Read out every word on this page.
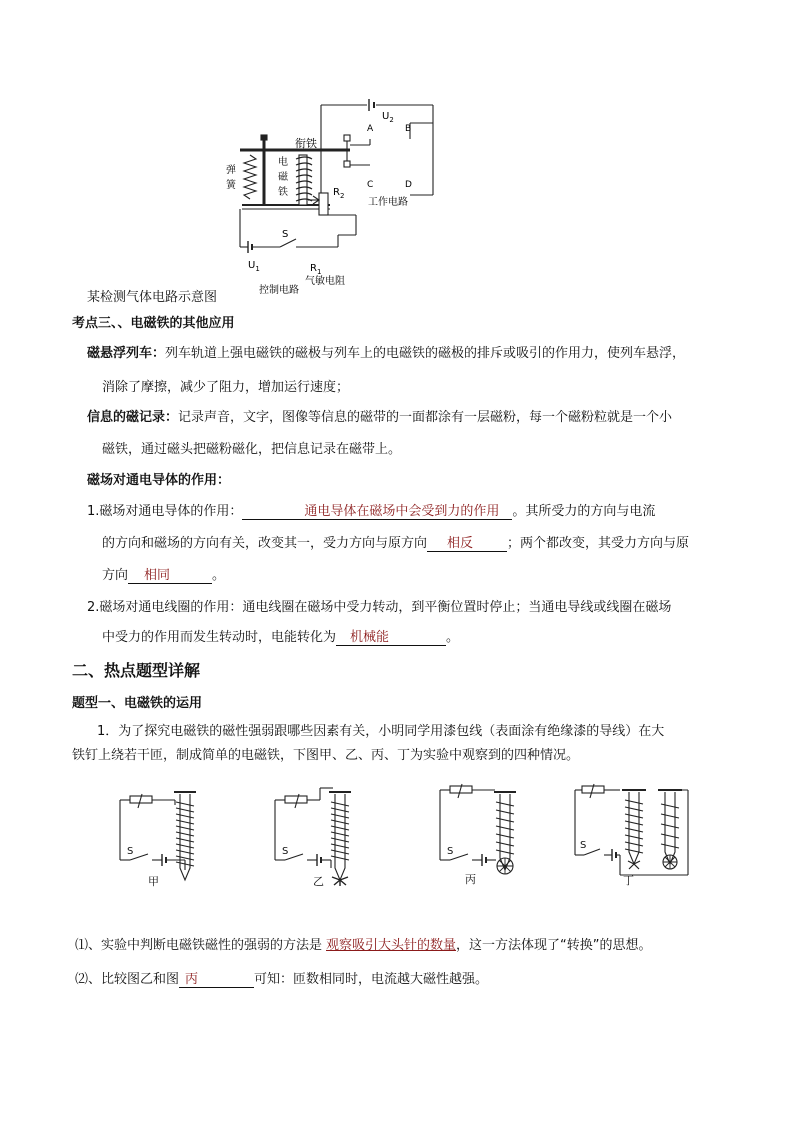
衔铁
弹
簧
电
磁
铁
$U_2$
A	B
C	D
$R_2$
工作电路
S
$U_1$	$R_1$
控制电路
气敏电阻
某检测气体电路示意图
考点三、、电磁铁的其他应用
磁悬浮列车：列车轨道上强电磁铁的磁极与列车上的电磁铁的磁极的排斥或吸引的作用力，使列车悬浮，
消除了摩擦，减少了阻力，增加运行速度；
信息的磁记录：记录声音，文字，图像等信息的磁带的一面都涂有一层磁粉，每一个磁粉粒就是一个小
磁铁，通过磁头把磁粉磁化，把信息记录在磁带上。
磁场对通电导体的作用：
1.磁场对通电导体的作用：	通电导体在磁场中会受到力的作用 。其所受力的方向与电流
的方向和磁场的方向有关，改变其一，受力方向与原方向 相反	；两个都改变，其受力方向与原
方向 相同	。
2.磁场对通电线圈的作用：通电线圈在磁场中受力转动，到平衡位置时停止；当通电导线或线圈在磁场
中受力的作用而发生转动时，电能转化为 机械能	。
二、热点题型详解
题型一、电磁铁的运用
1．为了探究电磁铁的磁性强弱跟哪些因素有关，小明同学用漆包线（表面涂有绝缘漆的导线）在大
铁钉上绕若干匝，制成简单的电磁铁，下图甲、乙、丙、丁为实验中观察到的四种情况。
S
甲
S
乙
S
丙
S
丁
⑴、实验中判断电磁铁磁性的强弱的方法是 观察吸引大头针的数量，这一方法体现了“转换”的思想。
⑵、比较图乙和图 丙	可知：匝数相同时，电流越大磁性越强。
